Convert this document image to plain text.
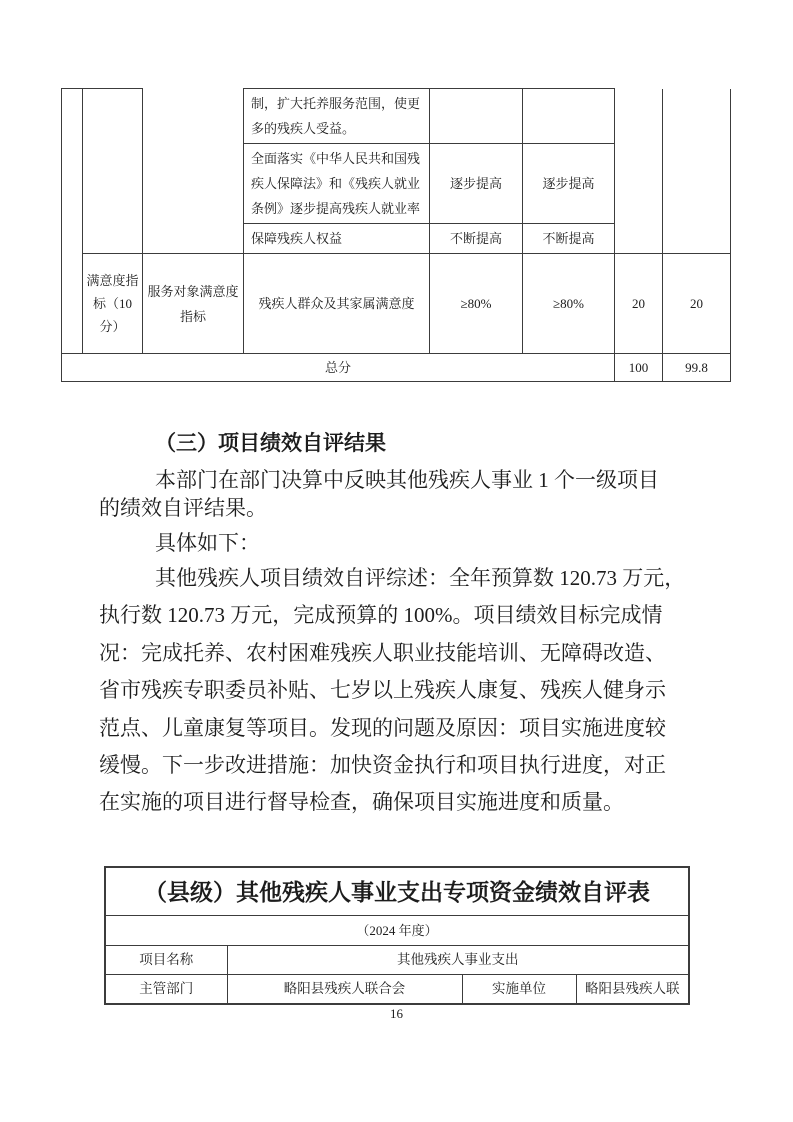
			制，扩大托养服务范围，使更多的残疾人受益。				
			全面落实《中华人民共和国残疾人保障法》和《残疾人就业条例》逐步提高残疾人就业率	逐步提高	逐步提高		
			保障残疾人权益	不断提高	不断提高		
	满意度指标（10分）	服务对象满意度指标	残疾人群众及其家属满意度	≥80%	≥80%	20	20
总分						100	99.8
（三）项目绩效自评结果
本部门在部门决算中反映其他残疾人事业 1 个一级项目
的绩效自评结果。
具体如下：
其他残疾人项目绩效自评综述：全年预算数 120.73 万元，
执行数 120.73 万元，完成预算的 100%。项目绩效目标完成情
况：完成托养、农村困难残疾人职业技能培训、无障碍改造、
省市残疾专职委员补贴、七岁以上残疾人康复、残疾人健身示
范点、儿童康复等项目。发现的问题及原因：项目实施进度较
缓慢。下一步改进措施：加快资金执行和项目执行进度，对正
在实施的项目进行督导检查，确保项目实施进度和质量。
（县级）其他残疾人事业支出专项资金绩效自评表			
（2024 年度）			
项目名称	其他残疾人事业支出		
主管部门	略阳县残疾人联合会	实施单位	略阳县残疾人联
16
